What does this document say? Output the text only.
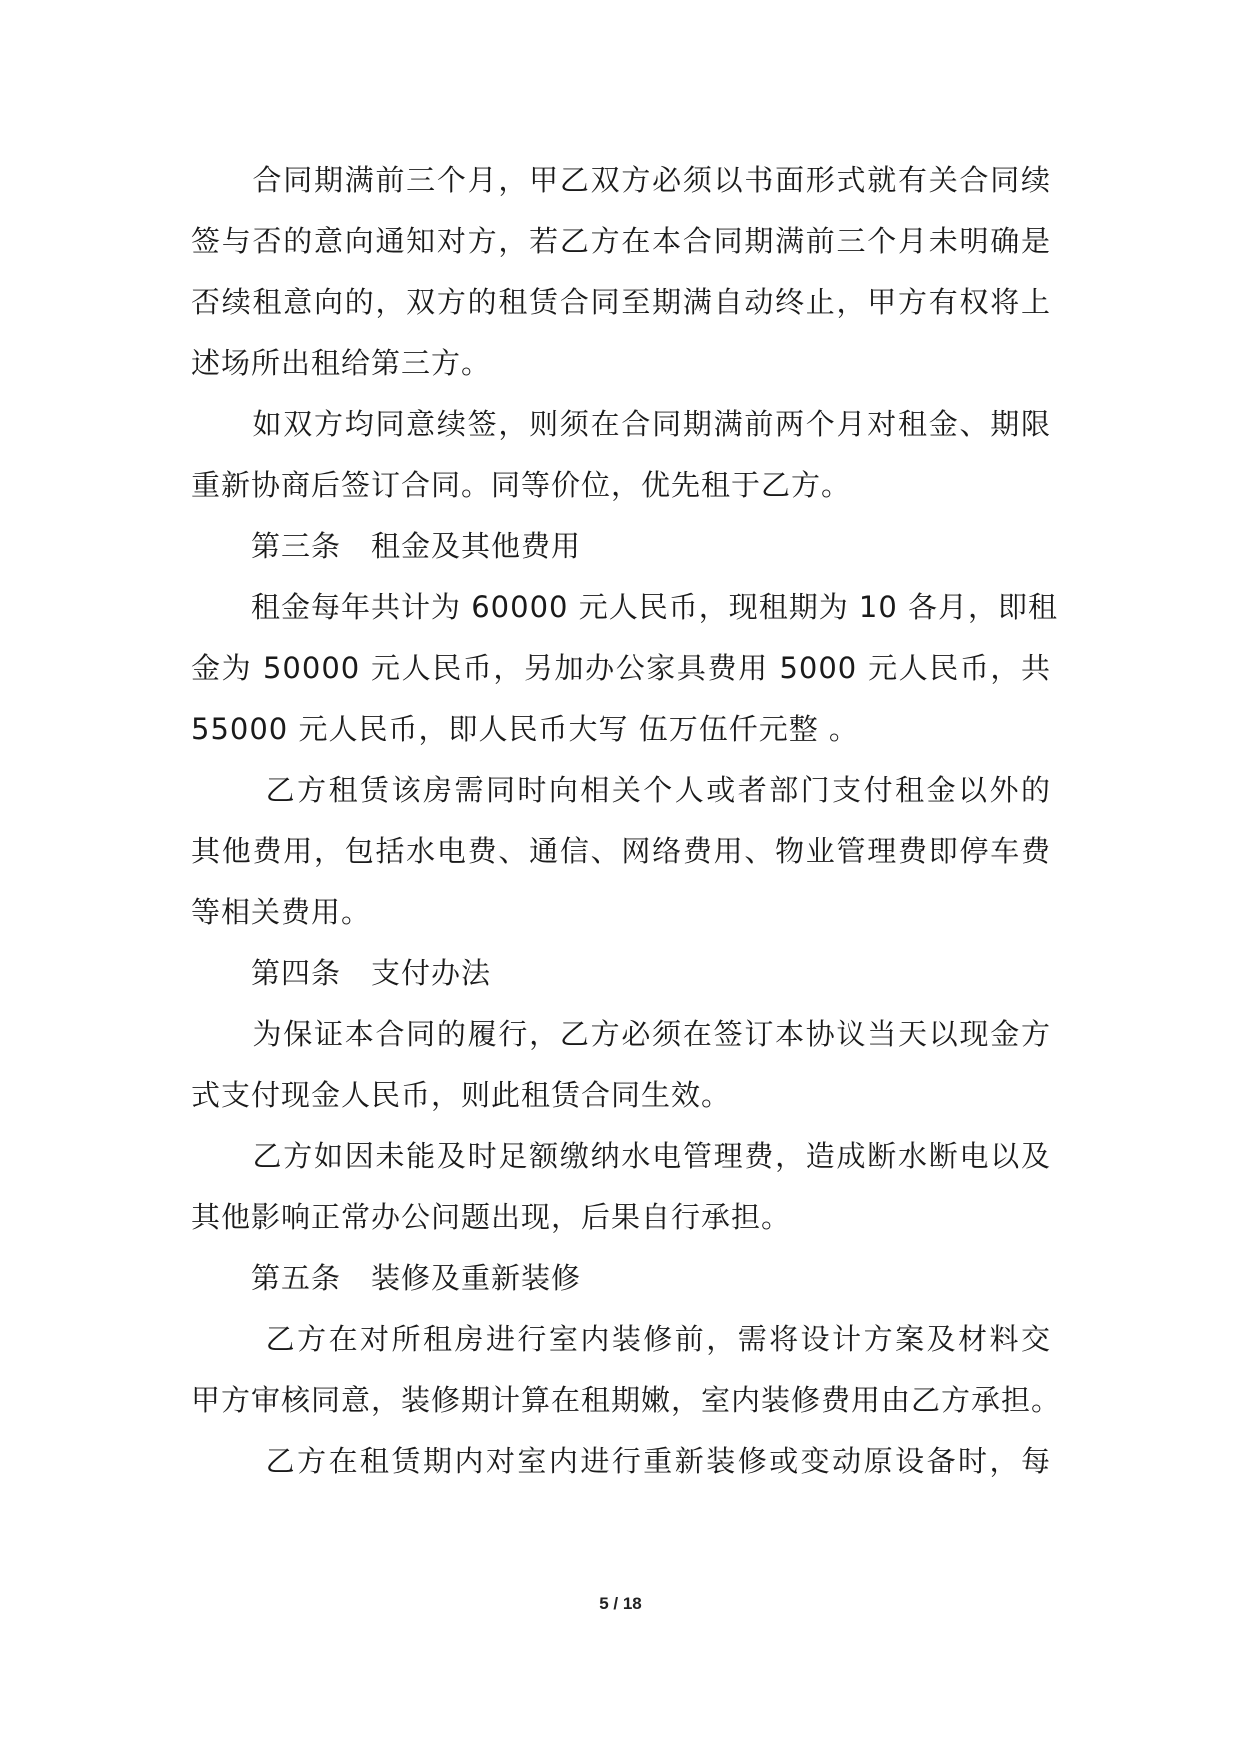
　　合同期满前三个月，甲乙双方必须以书面形式就有关合同续
签与否的意向通知对方，若乙方在本合同期满前三个月未明确是
否续租意向的，双方的租赁合同至期满自动终止，甲方有权将上
述场所出租给第三方。
　　如双方均同意续签，则须在合同期满前两个月对租金、期限
重新协商后签订合同。同等价位，优先租于乙方。
　　第三条　租金及其他费用
　　租金每年共计为 60000 元人民币，现租期为 10 各月，即租
金为 50000 元人民币，另加办公家具费用 5000 元人民币，共
55000 元人民币，即人民币大写 伍万伍仟元整 。
　　 乙方租赁该房需同时向相关个人或者部门支付租金以外的
其他费用，包括水电费、通信、网络费用、物业管理费即停车费
等相关费用。
　　第四条　支付办法
　　为保证本合同的履行，乙方必须在签订本协议当天以现金方
式支付现金人民币，则此租赁合同生效。
　　乙方如因未能及时足额缴纳水电管理费，造成断水断电以及
其他影响正常办公问题出现，后果自行承担。
　　第五条　装修及重新装修
　　 乙方在对所租房进行室内装修前，需将设计方案及材料交
甲方审核同意，装修期计算在租期嫩，室内装修费用由乙方承担。
　　 乙方在租赁期内对室内进行重新装修或变动原设备时，每
5 / 18
